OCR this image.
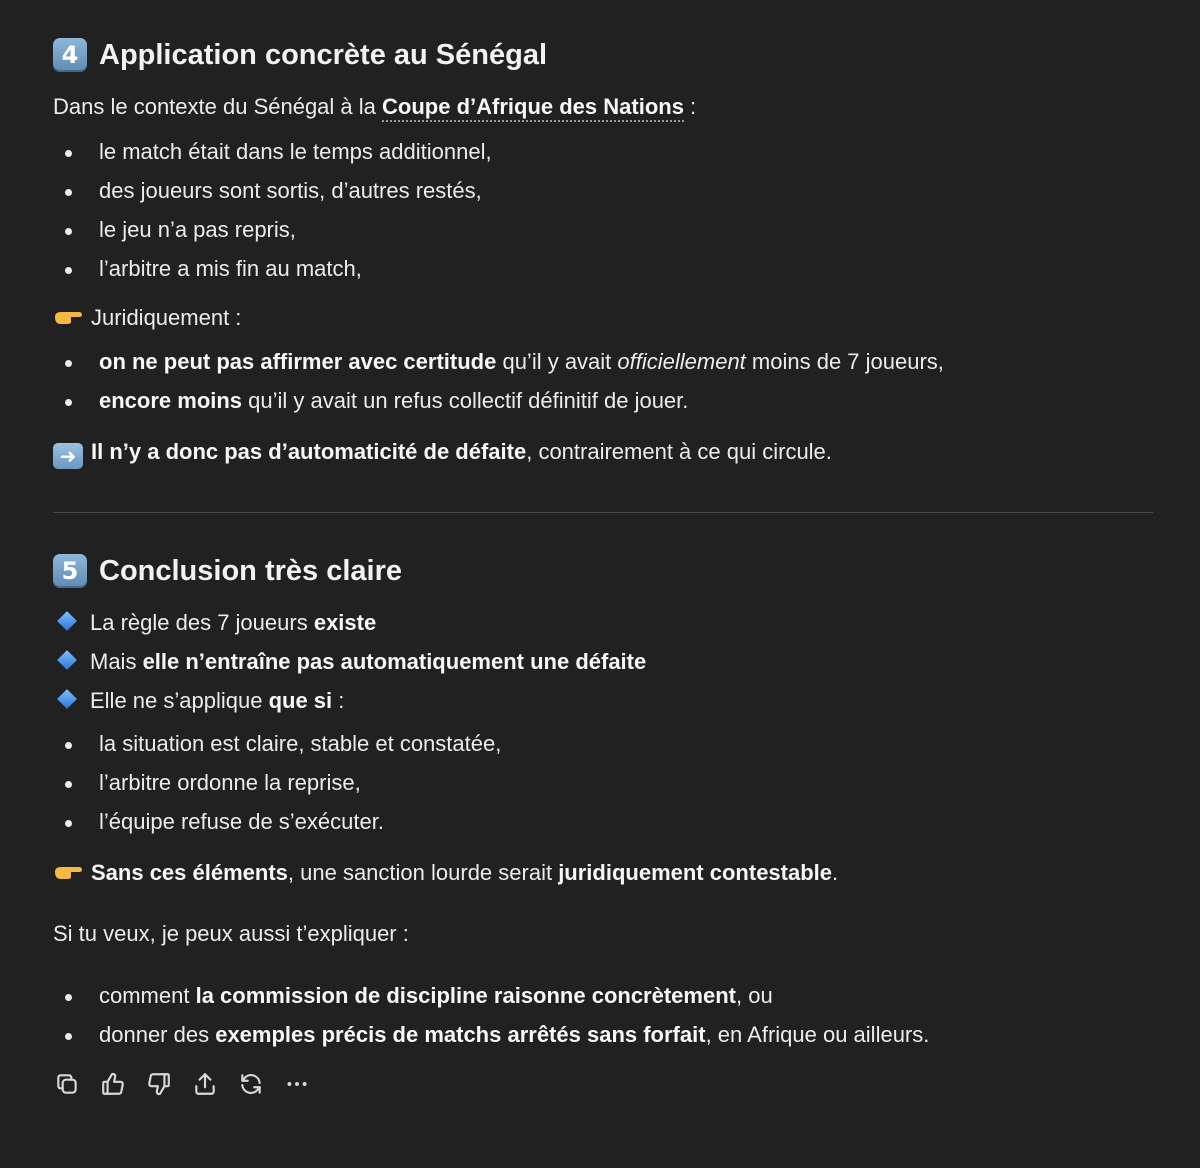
4 Application concrète au Sénégal
Dans le contexte du Sénégal à la Coupe d’Afrique des Nations :
le match était dans le temps additionnel,
des joueurs sont sortis, d’autres restés,
le jeu n’a pas repris,
l’arbitre a mis fin au match,
Juridiquement :
on ne peut pas affirmer avec certitude qu’il y avait officiellement moins de 7 joueurs,
encore moins qu’il y avait un refus collectif définitif de jouer.
➜ Il n’y a donc pas d’automaticité de défaite, contrairement à ce qui circule.
5 Conclusion très claire
La règle des 7 joueurs existe
Mais elle n’entraîne pas automatiquement une défaite
Elle ne s’applique que si :
la situation est claire, stable et constatée,
l’arbitre ordonne la reprise,
l’équipe refuse de s’exécuter.
Sans ces éléments, une sanction lourde serait juridiquement contestable.
Si tu veux, je peux aussi t’expliquer :
comment la commission de discipline raisonne concrètement, ou
donner des exemples précis de matchs arrêtés sans forfait, en Afrique ou ailleurs.
